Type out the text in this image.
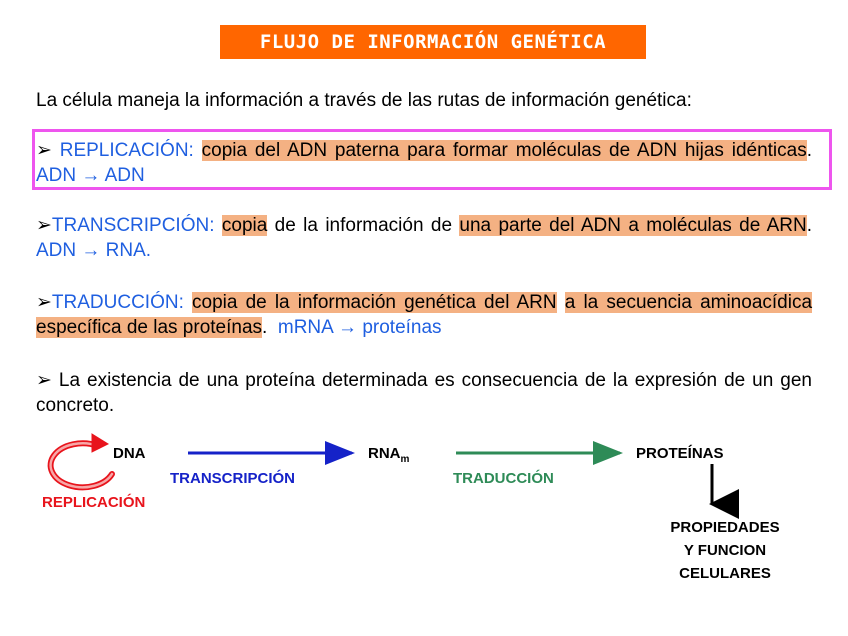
FLUJO DE INFORMACIÓN GENÉTICA
La célula maneja la información a través de las rutas de información genética:
➢ REPLICACIÓN: copia del ADN paterna para formar moléculas de ADN hijas idénticas. ADN → ADN
➢TRANSCRIPCIÓN: copia de la información de una parte del ADN a moléculas de ARN. ADN → RNA.
➢TRADUCCIÓN: copia de la información genética del ARN a la secuencia aminoacídica específica de las proteínas. mRNA → proteínas
➢ La existencia de una proteína determinada es consecuencia de la expresión de un gen concreto.
DNA	$RNA_m$	PROTEÍNAS
TRANSCRIPCIÓN	TRADUCCIÓN
REPLICACIÓN
PROPIEDADES
Y FUNCION
CELULARES
